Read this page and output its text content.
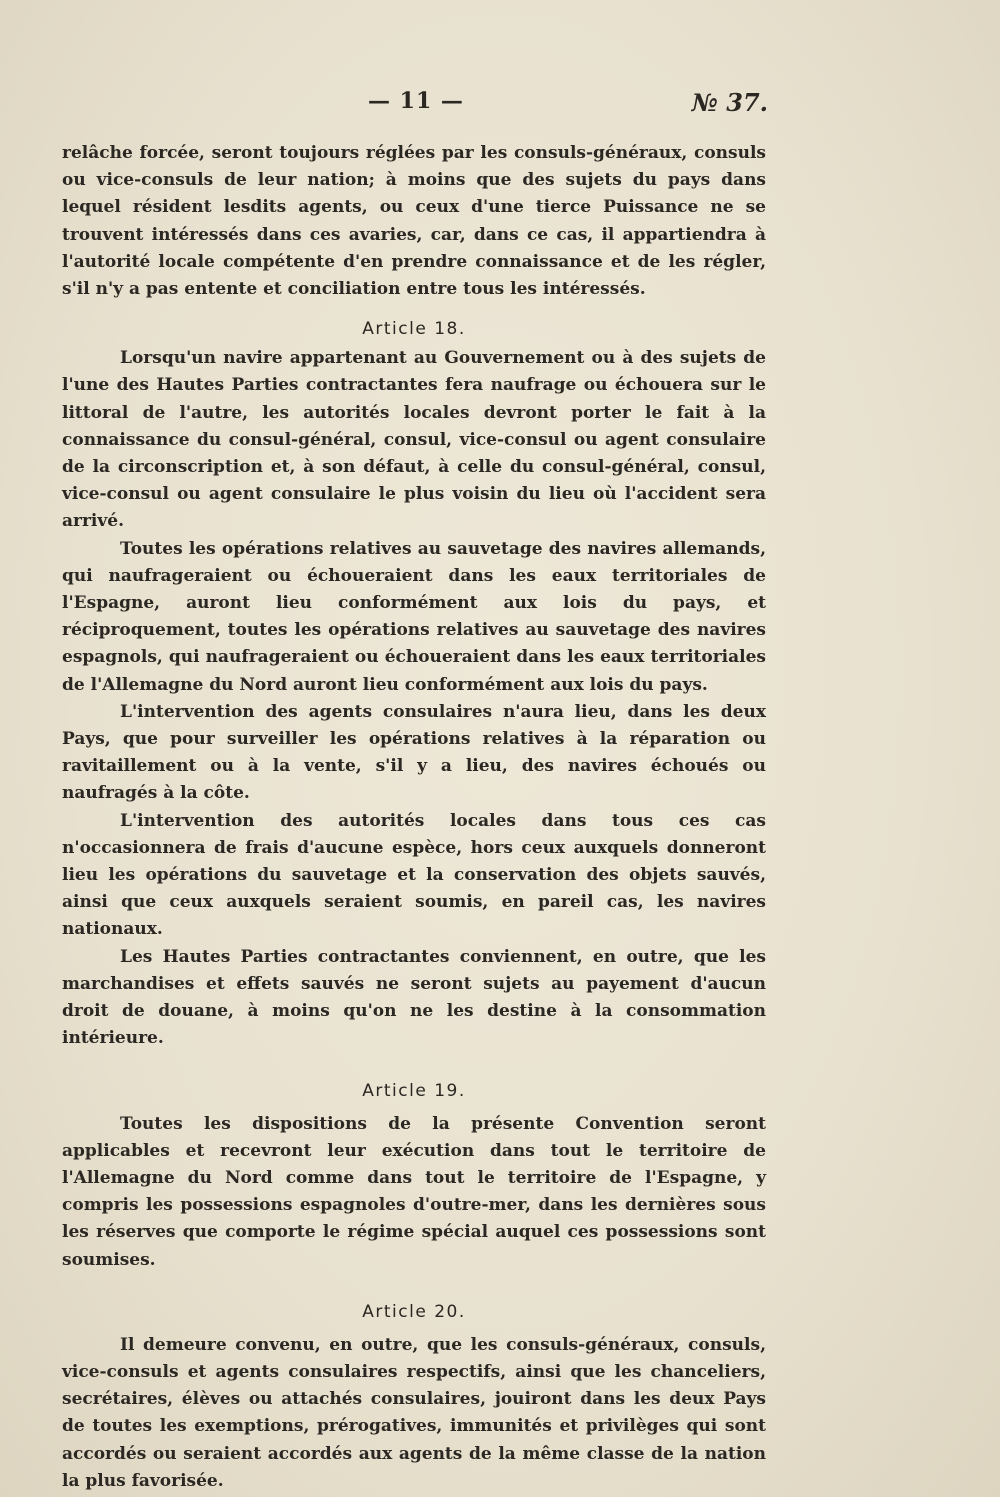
— 11 —	№ 37.

relâche forcée, seront toujours réglées par les consuls-généraux, consuls ou vice-consuls de leur nation; à moins que des sujets du pays dans lequel résident lesdits agents, ou ceux d'une tierce Puissance ne se trouvent intéressés dans ces avaries, car, dans ce cas, il appartiendra à l'autorité locale compétente d'en prendre connaissance et de les régler, s'il n'y a pas entente et conciliation entre tous les intéressés.

Article 18.

Lorsqu'un navire appartenant au Gouvernement ou à des sujets de l'une des Hautes Parties contractantes fera naufrage ou échouera sur le littoral de l'autre, les autorités locales devront porter le fait à la connaissance du consul-général, consul, vice-consul ou agent consulaire de la circonscription et, à son défaut, à celle du consul-général, consul, vice-consul ou agent consulaire le plus voisin du lieu où l'accident sera arrivé.

Toutes les opérations relatives au sauvetage des navires allemands, qui naufrageraient ou échoueraient dans les eaux territoriales de l'Espagne, auront lieu conformément aux lois du pays, et réciproquement, toutes les opérations relatives au sauvetage des navires espagnols, qui naufrageraient ou échoueraient dans les eaux territoriales de l'Allemagne du Nord auront lieu conformément aux lois du pays.

L'intervention des agents consulaires n'aura lieu, dans les deux Pays, que pour surveiller les opérations relatives à la réparation ou ravitaillement ou à la vente, s'il y a lieu, des navires échoués ou naufragés à la côte.

L'intervention des autorités locales dans tous ces cas n'occasionnera de frais d'aucune espèce, hors ceux auxquels donneront lieu les opérations du sauvetage et la conservation des objets sauvés, ainsi que ceux auxquels seraient soumis, en pareil cas, les navires nationaux.

Les Hautes Parties contractantes conviennent, en outre, que les marchandises et effets sauvés ne seront sujets au payement d'aucun droit de douane, à moins qu'on ne les destine à la consommation intérieure.

Article 19.

Toutes les dispositions de la présente Convention seront applicables et recevront leur exécution dans tout le territoire de l'Allemagne du Nord comme dans tout le territoire de l'Espagne, y compris les possessions espagnoles d'outre-mer, dans les dernières sous les réserves que comporte le régime spécial auquel ces possessions sont soumises.

Article 20.

Il demeure convenu, en outre, que les consuls-généraux, consuls, vice-consuls et agents consulaires respectifs, ainsi que les chanceliers, secrétaires, élèves ou attachés consulaires, jouiront dans les deux Pays de toutes les exemptions, prérogatives, immunités et privilèges qui sont accordés ou seraient accordés aux agents de la même classe de la nation la plus favorisée.
